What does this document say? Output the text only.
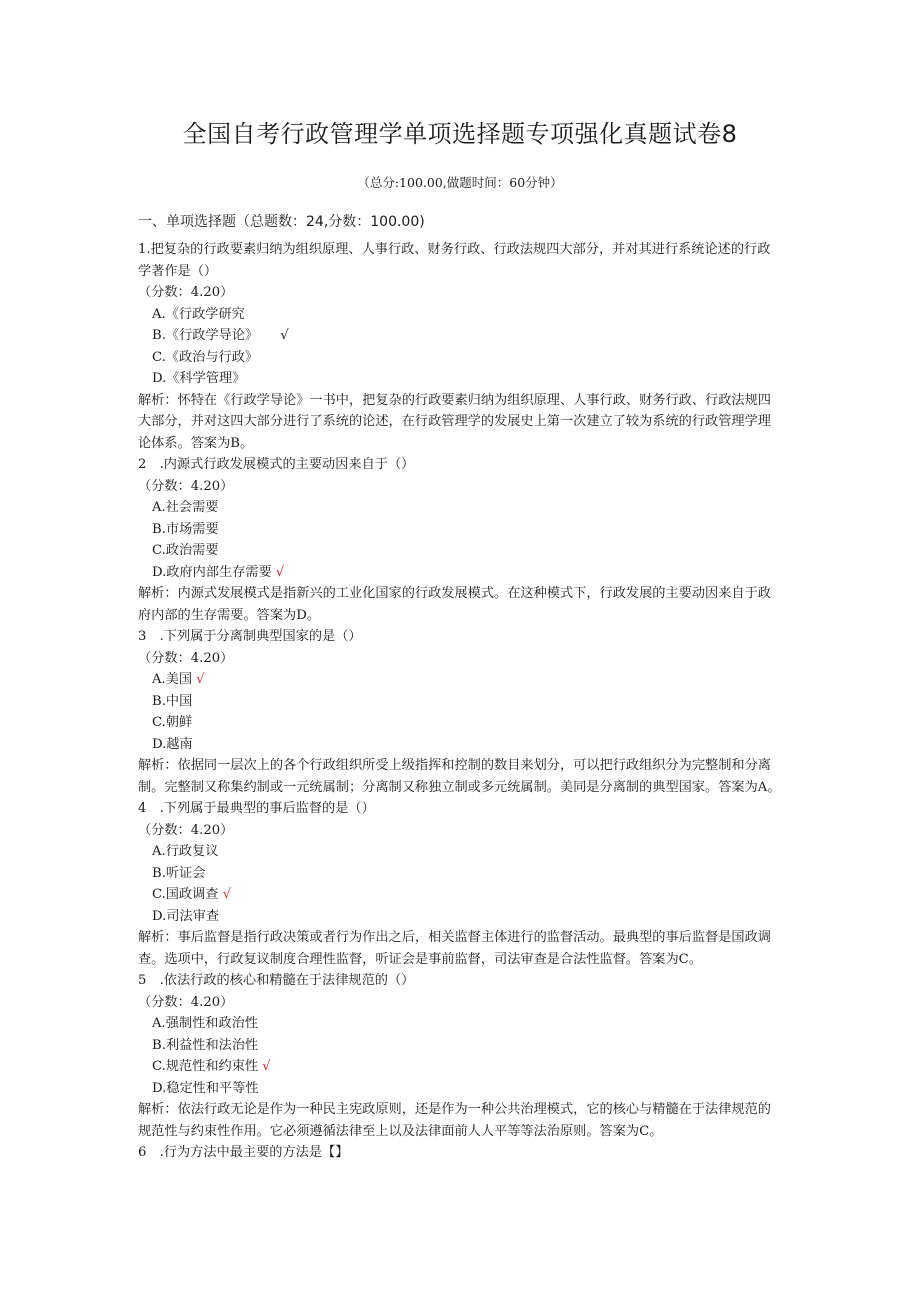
全国自考行政管理学单项选择题专项强化真题试卷8
（总分:100.00,做题时间：60分钟）
一、单项选择题（总题数：24,分数：100.00)

1.把复杂的行政要素归纳为组织原理、人事行政、财务行政、行政法规四大部分，并对其进行系统论述的行政学著作是（）

（分数：4.20）

A.《行政学研究

B.《行政学导论》 √

C.《政治与行政》

D.《科学管理》

解析：怀特在《行政学导论》一书中，把复杂的行政要素归纳为组织原理、人事行政、财务行政、行政法规四大部分，并对这四大部分进行了系统的论述，在行政管理学的发展史上第一次建立了较为系统的行政管理学理论体系。答案为B。

2　.内源式行政发展模式的主要动因来自于（）

（分数：4.20）

A.社会需要

B.市场需要

C.政治需要

D.政府内部生存需要 √

解析：内源式发展模式是指新兴的工业化国家的行政发展模式。在这种模式下，行政发展的主要动因来自于政府内部的生存需要。答案为D。

3　.下列属于分离制典型国家的是（）

（分数：4.20）

A.美国 √

B.中国

C.朝鲜

D.越南

解析：依据同一层次上的各个行政组织所受上级指挥和控制的数目来划分，可以把行政组织分为完整制和分离制。完整制又称集约制或一元统属制；分离制又称独立制或多元统属制。美同是分离制的典型国家。答案为A。

4　.下列属于最典型的事后监督的是（）

（分数：4.20）

A.行政复议

B.听证会

C.国政调查 √

D.司法审查

解析：事后监督是指行政决策或者行为作出之后，相关监督主体进行的监督活动。最典型的事后监督是国政调查。选项中，行政复议制度合理性监督，听证会是事前监督，司法审查是合法性监督。答案为C。

5　.依法行政的核心和精髓在于法律规范的（）

（分数：4.20）

A.强制性和政治性

B.利益性和法治性

C.规范性和约束性 √

D.稳定性和平等性

解析：依法行政无论是作为一种民主宪政原则，还是作为一种公共治理模式，它的核心与精髓在于法律规范的规范性与约束性作用。它必须遵循法律至上以及法律面前人人平等等法治原则。答案为C。

6　.行为方法中最主要的方法是【】
